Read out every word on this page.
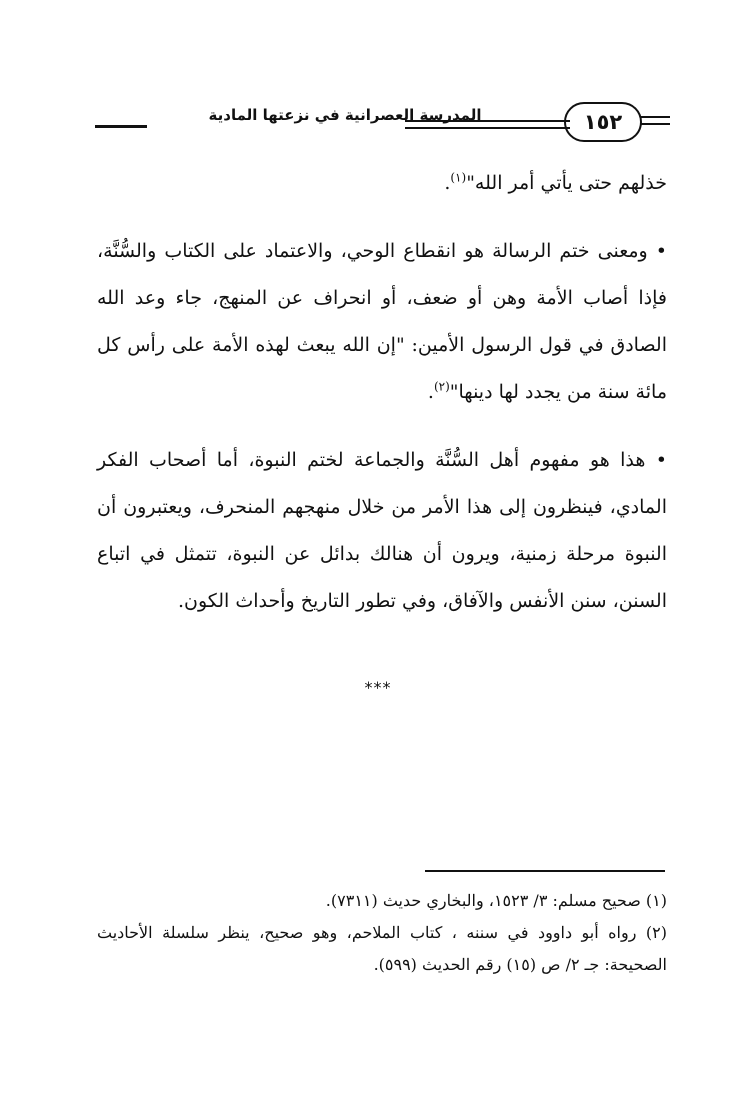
المدرسة العصرانية في نزعتها المادية	١٥٢

خذلهم حتى يأتي أمر الله"$^{(١)}$.

• ومعنى ختم الرسالة هو انقطاع الوحي، والاعتماد على الكتاب والسُّنَّة، فإذا أصاب الأمة وهن أو ضعف، أو انحراف عن المنهج، جاء وعد الله الصادق في قول الرسول الأمين: "إن الله يبعث لهذه الأمة على رأس كل مائة سنة من يجدد لها دينها"$^{(٢)}$.

• هذا هو مفهوم أهل السُّنَّة والجماعة لختم النبوة، أما أصحاب الفكر المادي، فينظرون إلى هذا الأمر من خلال منهجهم المنحرف، ويعتبرون أن النبوة مرحلة زمنية، ويرون أن هنالك بدائل عن النبوة، تتمثل في اتباع السنن، سنن الأنفس والآفاق، وفي تطور التاريخ وأحداث الكون.

***

(١) صحيح مسلم: ٣/ ١٥٢٣، والبخاري حديث (٧٣١١).

(٢) رواه أبو داوود في سننه ، كتاب الملاحم، وهو صحيح، ينظر سلسلة الأحاديث الصحيحة: جـ ٢/ ص (١٥) رقم الحديث (٥٩٩).
